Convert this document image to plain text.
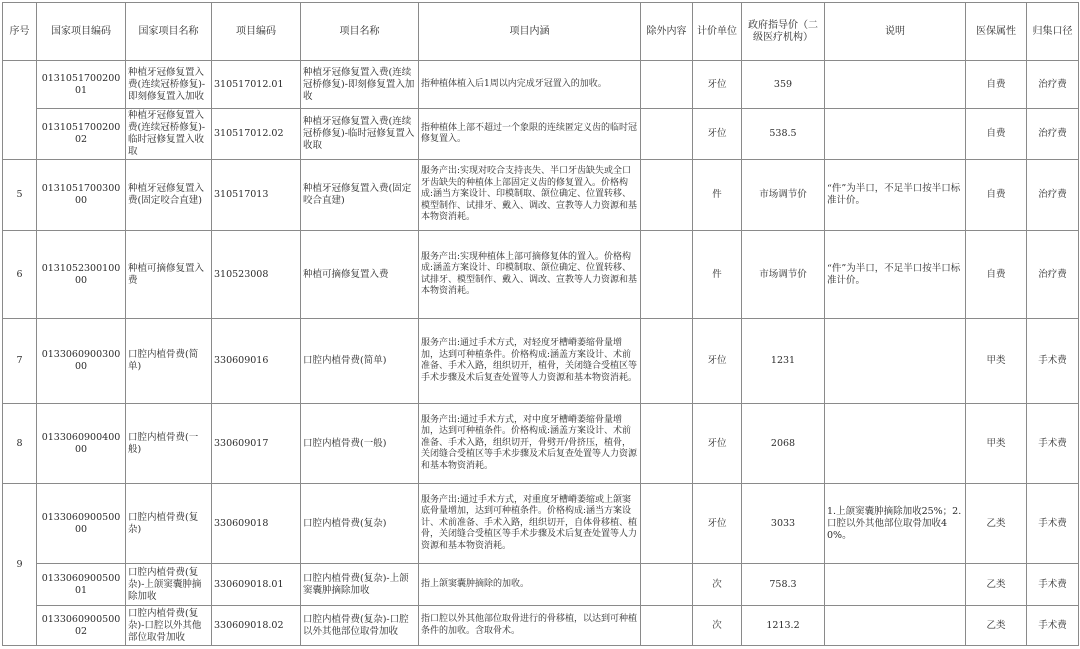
序号	国家项目编码	国家项目名称	项目编码	项目名称	项目内涵	除外内容	计价单位	政府指导价（二级医疗机构）	说明	医保属性	归集口径
	013105170020001	种植牙冠修复置入费(连续冠桥修复)-即刻修复置入加收	310517012.01	种植牙冠修复置入费(连续冠桥修复)-即刻修复置入加收	指种植体植入后1周以内完成牙冠置入的加收。		牙位	359		自费	治疗费
	013105170020002	种植牙冠修复置入费(连续冠桥修复)-临时冠修复置入收取	310517012.02	种植牙冠修复置入费(连续冠桥修复)-临时冠修复置入收取	指种植体上部不超过一个象限的连续匿定义齿的临时冠修复置入。		牙位	538.5		自费	治疗费
5	013105170030000	种植牙冠修复置入费(固定咬合直建)	310517013	种植牙冠修复置入费(固定咬合直建)	服务产出:实现对咬合支持丧失、半口牙齿缺失或全口牙齿缺失的种植体上部固定义齿的修复置入。价格构成:涵当方案设计、印模制取、颌位确定、位置转移、模型制作、试排牙、戴入、调改、宣教等人力资源和基本物资消耗。		件	市场调节价	“件”为半口，不足半口按半口标准计价。	自费	治疗费
6	013105230010000	种植可摘修复置入费	310523008	种植可摘修复置入费	服务产出:实现种植体上部可摘修复体的置入。价格构成:涵盖方案设计、印模制取、颌位确定、位置转移、试排牙、模型制作、戴入、调改、宣教等人力资源和基本物资消耗。		件	市场调节价	“件”为半口，不足半口按半口标准计价。	自费	治疗费
7	013306090030000	口腔内植骨费(简单)	330609016	口腔内植骨费(简单)	服务产出:通过手术方式，对轻度牙槽嵴萎缩骨量增加，达到可种植条件。价格构成:涵盖方案设计、术前准备、手术入路，组织切开，植骨，关闭缝合受植区等手术步骤及术后复查处置等人力资源和基本物资消耗。		牙位	1231		甲类	手术费
8	013306090040000	口腔内植骨费(一般)	330609017	口腔内植骨费(一般)	服务产出:通过手术方式，对中度牙槽嵴萎缩骨量增加，达到可种植条件。价格构成:涵盖方案设计、术前准备、手术入路，组织切开，骨劈开/骨挤压，植骨，关闭缝合受植区等手术步骤及术后复查处置等人力资源和基本物资消耗。		牙位	2068		甲类	手术费
9	013306090050000	口腔内植骨费(复杂)	330609018	口腔内植骨费(复杂)	服务产出:通过手术方式，对重度牙槽嵴萎缩或上颌窦底骨量增加，达到可种植条件。价格构成:涵当方案设计、术前准备、手术入路，组织切开，自体骨移植、植骨，关闭缝合受植区等手术步骤及术后复查处置等人力资源和基本物资消耗。		牙位	3033	1.上颌窦囊肿摘除加收25%；2.口腔以外其他部位取骨加收40%。	乙类	手术费
	013306090050001	口腔内植骨费(复杂)-上颌窦囊肿摘除加收	330609018.01	口腔内植骨费(复杂)-上颌窦囊肿摘除加收	指上颌窦囊肿摘除的加收。		次	758.3		乙类	手术费
	013306090050002	口腔内植骨费(复杂)-口腔以外其他部位取骨加收	330609018.02	口腔内植骨费(复杂)-口腔以外其他部位取骨加收	指口腔以外其他部位取骨进行的骨移植，以达到可种植条件的加收。含取骨术。		次	1213.2		乙类	手术费
